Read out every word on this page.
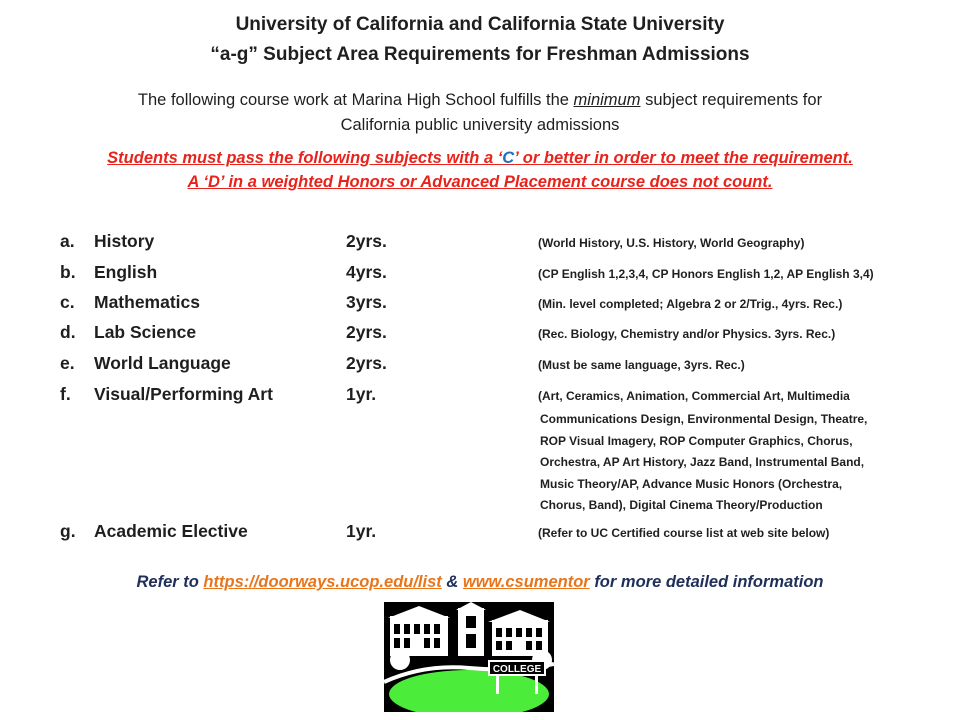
University of California and California State University
“a-g” Subject Area Requirements for Freshman Admissions
The following course work at Marina High School fulfills the minimum subject requirements for
California public university admissions
Students must pass the following subjects with a ‘C’ or better in order to meet the requirement.
A ‘D’ in a weighted Honors or Advanced Placement course does not count.
a. History	2yrs.	(World History, U.S. History, World Geography)
b. English	4yrs.	(CP English 1,2,3,4, CP Honors English 1,2, AP English 3,4)
c. Mathematics	3yrs.	(Min. level completed; Algebra 2 or 2/Trig., 4yrs. Rec.)
d. Lab Science	2yrs.	(Rec. Biology, Chemistry and/or Physics. 3yrs. Rec.)
e. World Language	2yrs.	(Must be same language, 3yrs. Rec.)
f. Visual/Performing Art	1yr.	(Art, Ceramics, Animation, Commercial Art, Multimedia
Communications Design, Environmental Design, Theatre,
ROP Visual Imagery, ROP Computer Graphics, Chorus,
Orchestra, AP Art History, Jazz Band, Instrumental Band,
Music Theory/AP, Advance Music Honors (Orchestra,
Chorus, Band), Digital Cinema Theory/Production
g. Academic Elective	1yr.	(Refer to UC Certified course list at web site below)
Refer to https://doorways.ucop.edu/list & www.csumentor for more detailed information
COLLEGE
